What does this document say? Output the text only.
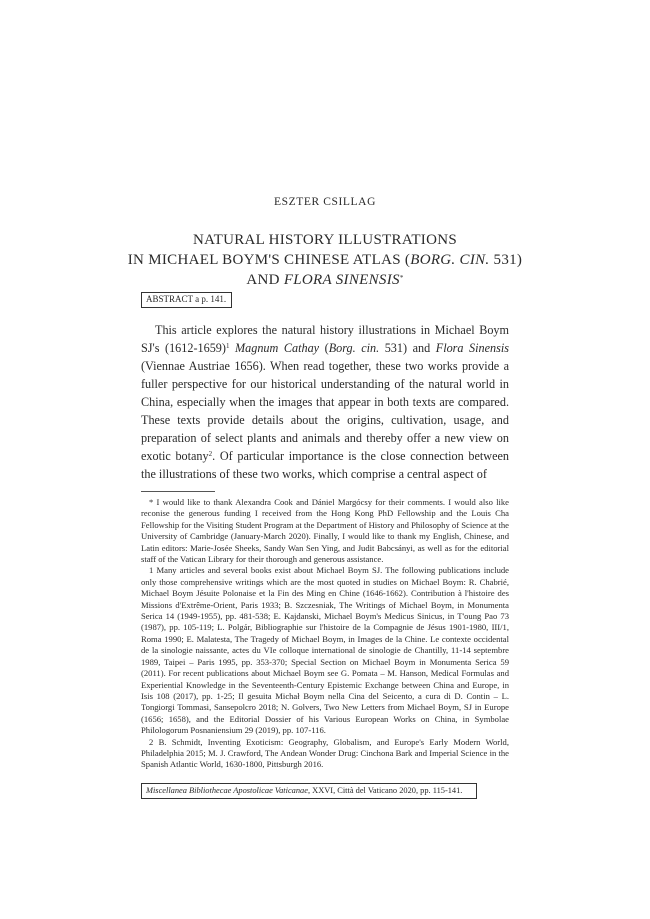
ESZTER CSILLAG
NATURAL HISTORY ILLUSTRATIONS
IN MICHAEL BOYM'S CHINESE ATLAS (BORG. CIN. 531)
AND FLORA SINENSIS*
ABSTRACT a p. 141.

This article explores the natural history illustrations in Michael Boym SJ's (1612-1659)$^1$ Magnum Cathay (Borg. cin. 531) and Flora Sinensis (Viennae Austriae 1656). When read together, these two works provide a fuller perspective for our historical understanding of the natural world in China, especially when the images that appear in both texts are compared. These texts provide details about the origins, cultivation, usage, and preparation of select plants and animals and thereby offer a new view on exotic botany$^2$. Of particular importance is the close connection between the illustrations of these two works, which comprise a central aspect of

* I would like to thank Alexandra Cook and Dániel Margócsy for their comments. I would also like reconise the generous funding I received from the Hong Kong PhD Fellowship and the Louis Cha Fellowship for the Visiting Student Program at the Department of History and Philosophy of Science at the University of Cambridge (January-March 2020). Finally, I would like to thank my English, Chinese, and Latin editors: Marie-Josée Sheeks, Sandy Wan Sen Ying, and Judit Babcsányi, as well as for the editorial staff of the Vatican Library for their thorough and generous assistance.

1 Many articles and several books exist about Michael Boym SJ. The following publications include only those comprehensive writings which are the most quoted in studies on Michael Boym: R. Chabrié, Michael Boym Jésuite Polonaise et la Fin des Ming en Chine (1646-1662). Contribution à l'histoire des Missions d'Extrême-Orient, Paris 1933; B. Szczesniak, The Writings of Michael Boym, in Monumenta Serica 14 (1949-1955), pp. 481-538; E. Kajdanski, Michael Boym's Medicus Sinicus, in T'oung Pao 73 (1987), pp. 105-119; L. Polgár, Bibliographie sur l'histoire de la Compagnie de Jésus 1901-1980, III/1, Roma 1990; E. Malatesta, The Tragedy of Michael Boym, in Images de la Chine. Le contexte occidental de la sinologie naissante, actes du VIe colloque international de sinologie de Chantilly, 11-14 septembre 1989, Taipei – Paris 1995, pp. 353-370; Special Section on Michael Boym in Monumenta Serica 59 (2011). For recent publications about Michael Boym see G. Pomata – M. Hanson, Medical Formulas and Experiential Knowledge in the Seventeenth-Century Epistemic Exchange between China and Europe, in Isis 108 (2017), pp. 1-25; Il gesuita Michał Boym nella Cina del Seicento, a cura di D. Contin – L. Tongiorgi Tommasi, Sansepolcro 2018; N. Golvers, Two New Letters from Michael Boym, SJ in Europe (1656; 1658), and the Editorial Dossier of his Various European Works on China, in Symbolae Philologorum Posnaniensium 29 (2019), pp. 107-116.

2 B. Schmidt, Inventing Exoticism: Geography, Globalism, and Europe's Early Modern World, Philadelphia 2015; M. J. Crawford, The Andean Wonder Drug: Cinchona Bark and Imperial Science in the Spanish Atlantic World, 1630-1800, Pittsburgh 2016.

Miscellanea Bibliothecae Apostolicae Vaticanae, XXVI, Città del Vaticano 2020, pp. 115-141.
